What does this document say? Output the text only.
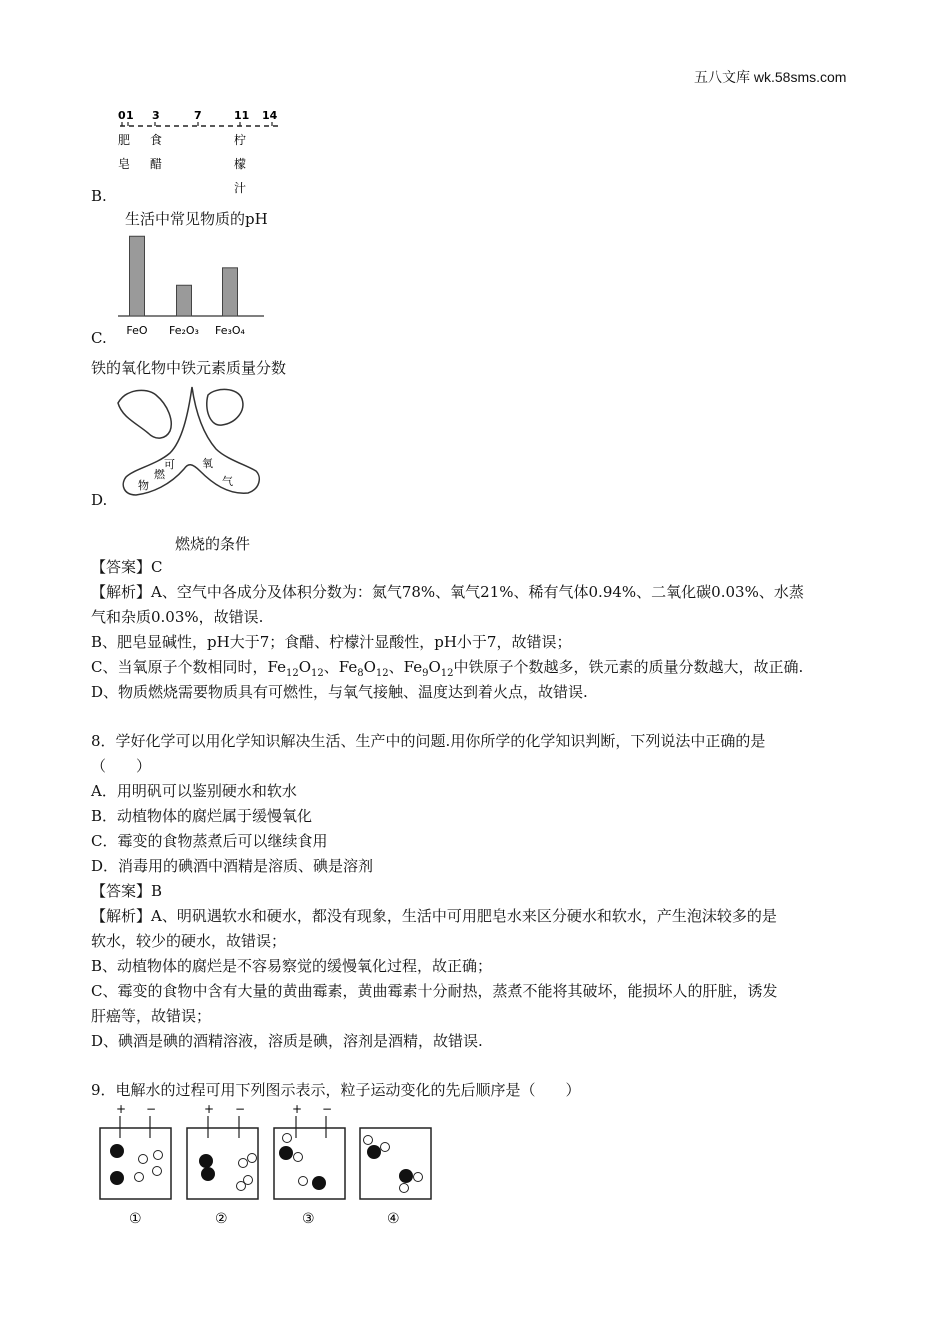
五八文库 wk.58sms.com
0 1 3	7	11 14
肥
皂
食
醋
柠
檬
汁
B.
生活中常见物质的pH
FeO Fe₂O₃ Fe₃O₄
C.
铁的氧化物中铁元素质量分数
可
燃
物
氧
气
D.
燃烧的条件
【答案】C
【解析】A、空气中各成分及体积分数为：氮气78%、氧气21%、稀有气体0.94%、二氧化碳0.03%、水蒸
气和杂质0.03%，故错误.
B、肥皂显碱性，pH大于7；食醋、柠檬汁显酸性，pH小于7，故错误；
C、当氧原子个数相同时，$Fe_{12}O_{12}$、$Fe_8O_{12}$、$Fe_9O_{12}$中铁原子个数越多，铁元素的质量分数越大，故正确.
D、物质燃烧需要物质具有可燃性，与氧气接触、温度达到着火点，故错误.
8．学好化学可以用化学知识解决生活、生产中的问题.用你所学的化学知识判断，下列说法中正确的是
（　　）
A．用明矾可以鉴别硬水和软水
B．动植物体的腐烂属于缓慢氧化
C．霉变的食物蒸煮后可以继续食用
D．消毒用的碘酒中酒精是溶质、碘是溶剂
【答案】B
【解析】A、明矾遇软水和硬水，都没有现象，生活中可用肥皂水来区分硬水和软水，产生泡沫较多的是
软水，较少的硬水，故错误；
B、动植物体的腐烂是不容易察觉的缓慢氧化过程，故正确；
C、霉变的食物中含有大量的黄曲霉素，黄曲霉素十分耐热，蒸煮不能将其破坏，能损坏人的肝脏，诱发
肝癌等，故错误；
D、碘酒是碘的酒精溶液，溶质是碘，溶剂是酒精，故错误.
9．电解水的过程可用下列图示表示，粒子运动变化的先后顺序是（　　）
+ −
①
+ −
②
+ −
③	④
